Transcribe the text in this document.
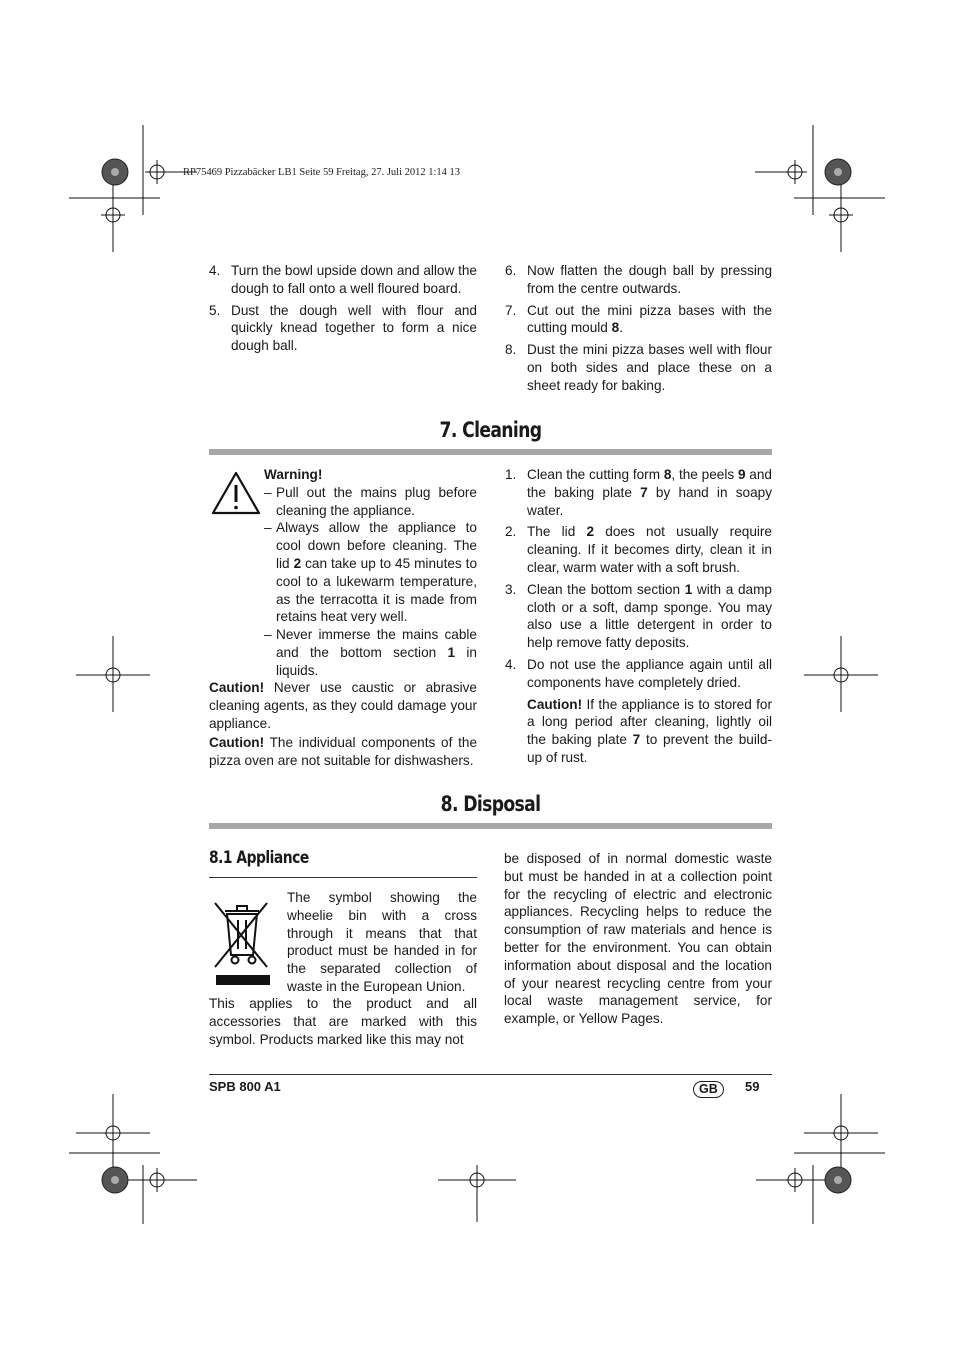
RP75469 Pizzabäcker LB1 Seite 59 Freitag, 27. Juli 2012 1:14 13
4. Turn the bowl upside down and allow the dough to fall onto a well floured board.
5. Dust the dough well with flour and quickly knead together to form a nice dough ball.
6. Now flatten the dough ball by pressing from the centre outwards.
7. Cut out the mini pizza bases with the cutting mould 8.
8. Dust the mini pizza bases well with flour on both sides and place these on a sheet ready for baking.
7. Cleaning
Warning!
– Pull out the mains plug before cleaning the appliance.
– Always allow the appliance to cool down before cleaning. The lid 2 can take up to 45 minutes to cool to a lukewarm temperature, as the terracotta it is made from retains heat very well.
– Never immerse the mains cable and the bottom section 1 in liquids.
Caution! Never use caustic or abrasive cleaning agents, as they could damage your appliance.
Caution! The individual components of the pizza oven are not suitable for dishwashers.
1. Clean the cutting form 8, the peels 9 and the baking plate 7 by hand in soapy water.
2. The lid 2 does not usually require cleaning. If it becomes dirty, clean it in clear, warm water with a soft brush.
3. Clean the bottom section 1 with a damp cloth or a soft, damp sponge. You may also use a little detergent in order to help remove fatty deposits.
4. Do not use the appliance again until all components have completely dried.
Caution! If the appliance is to stored for a long period after cleaning, lightly oil the baking plate 7 to prevent the build-up of rust.
8. Disposal
8.1 Appliance
The symbol showing the wheelie bin with a cross through it means that that product must be handed in for the separated collection of waste in the European Union.
This applies to the product and all accessories that are marked with this symbol. Products marked like this may not
be disposed of in normal domestic waste but must be handed in at a collection point for the recycling of electric and electronic appliances. Recycling helps to reduce the consumption of raw materials and hence is better for the environment. You can obtain information about disposal and the location of your nearest recycling centre from your local waste management service, for example, or Yellow Pages.
SPB 800 A1	GB	59
